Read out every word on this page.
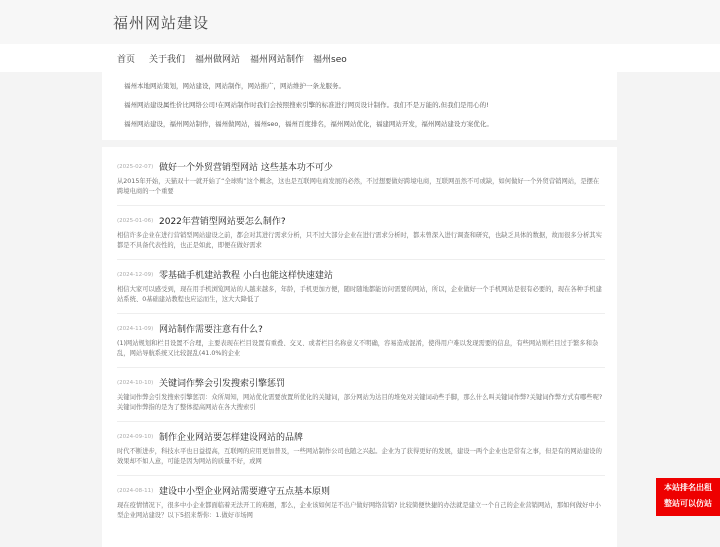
福州网站建设
首页 关于我们 福州做网站 福州网站制作 福州seo

福州本地网站策划，网站建设，网站制作，网站推广，网站维护一条龙服务。

福州网站建设属性价比网络公司!在网站制作时我们会按照搜索引擎的标准进行网页设计制作。我们不是万能的,但我们是用心的!

福州网站建设，福州网站制作，福州做网站，福州seo，福州百度排名，福州网站优化，福建网站开发，福州网站建设方案优化。

(2025-02-07) 做好一个外贸营销型网站 这些基本功不可少
从2015年开始，天猫双十一就开始了“全球购”这个概念，这也是互联网电商发展的必然，不过想要做好跨境电商，互联网虽然不可或缺，如何做好一个外贸营销网站，是摆在跨境电商的一个重要
(2025-01-06) 2022年营销型网站要怎么制作?
相信许多企业在进行营销型网站建设之前，都会对其进行需求分析，只不过大部分企业在进行需求分析时，都未曾深入进行调查和研究，也缺乏具体的数据，故而很多分析其实都是不具备代表性的，也正是如此，即便在做好需求
(2024-12-09) 零基础手机建站教程 小白也能这样快速建站
相信大家可以感受到，现在用手机浏览网站的人越来越多，年龄，手机更加方便，随时随地都能访问需要的网站，所以，企业做好一个手机网站是很有必要的，现在各种手机建站系统、0基础建站教程也应运而生，这大大降低了
(2024-11-09) 网站制作需要注意有什么?
(1)网站规划和栏目设置不合理，主要表现在栏目设置有重叠、交叉、或者栏目名称意义不明确，容易造成混淆，使得用户难以发现需要的信息，有些网站则栏目过于繁多和杂乱，网站导航系统又比较混乱(41.0%的企业
(2024-10-10) 关键词作弊会引发搜索引擎惩罚
关键词作弊会引发搜索引擎惩罚：众所周知，网站优化需要放置所优化的关键词，部分网站为达目的堆免对关键词动些手脚，那么什么叫关键词作弊?关键词作弊方式有哪些呢? 关键词作弊指的是为了整体提高网站在各大搜索引
(2024-09-10) 制作企业网站要怎样建设网站的品牌
时代不断进步，科技水平也日益提高，互联网的应用更加普及，一些网站制作公司也随之兴起。企业为了获得更好的发展，建设一两个企业也是常有之事，但是有的网站建设的效果却不如人意，可能是因为网站的质量不好，或网
(2024-08-11) 建设中小型企业网站需要遵守五点基本原则
现在疫情情况下，很多中小企业都面临着无法开工的难题，那么，企业该如何足不出户做好网络营销? 比较简便快捷的办法就是建立一个自己的企业营销网站，那如何做好中小型企业网站建设？以下5招来帮你：1.做好市场网
本站排名出租
整站可以仿站
